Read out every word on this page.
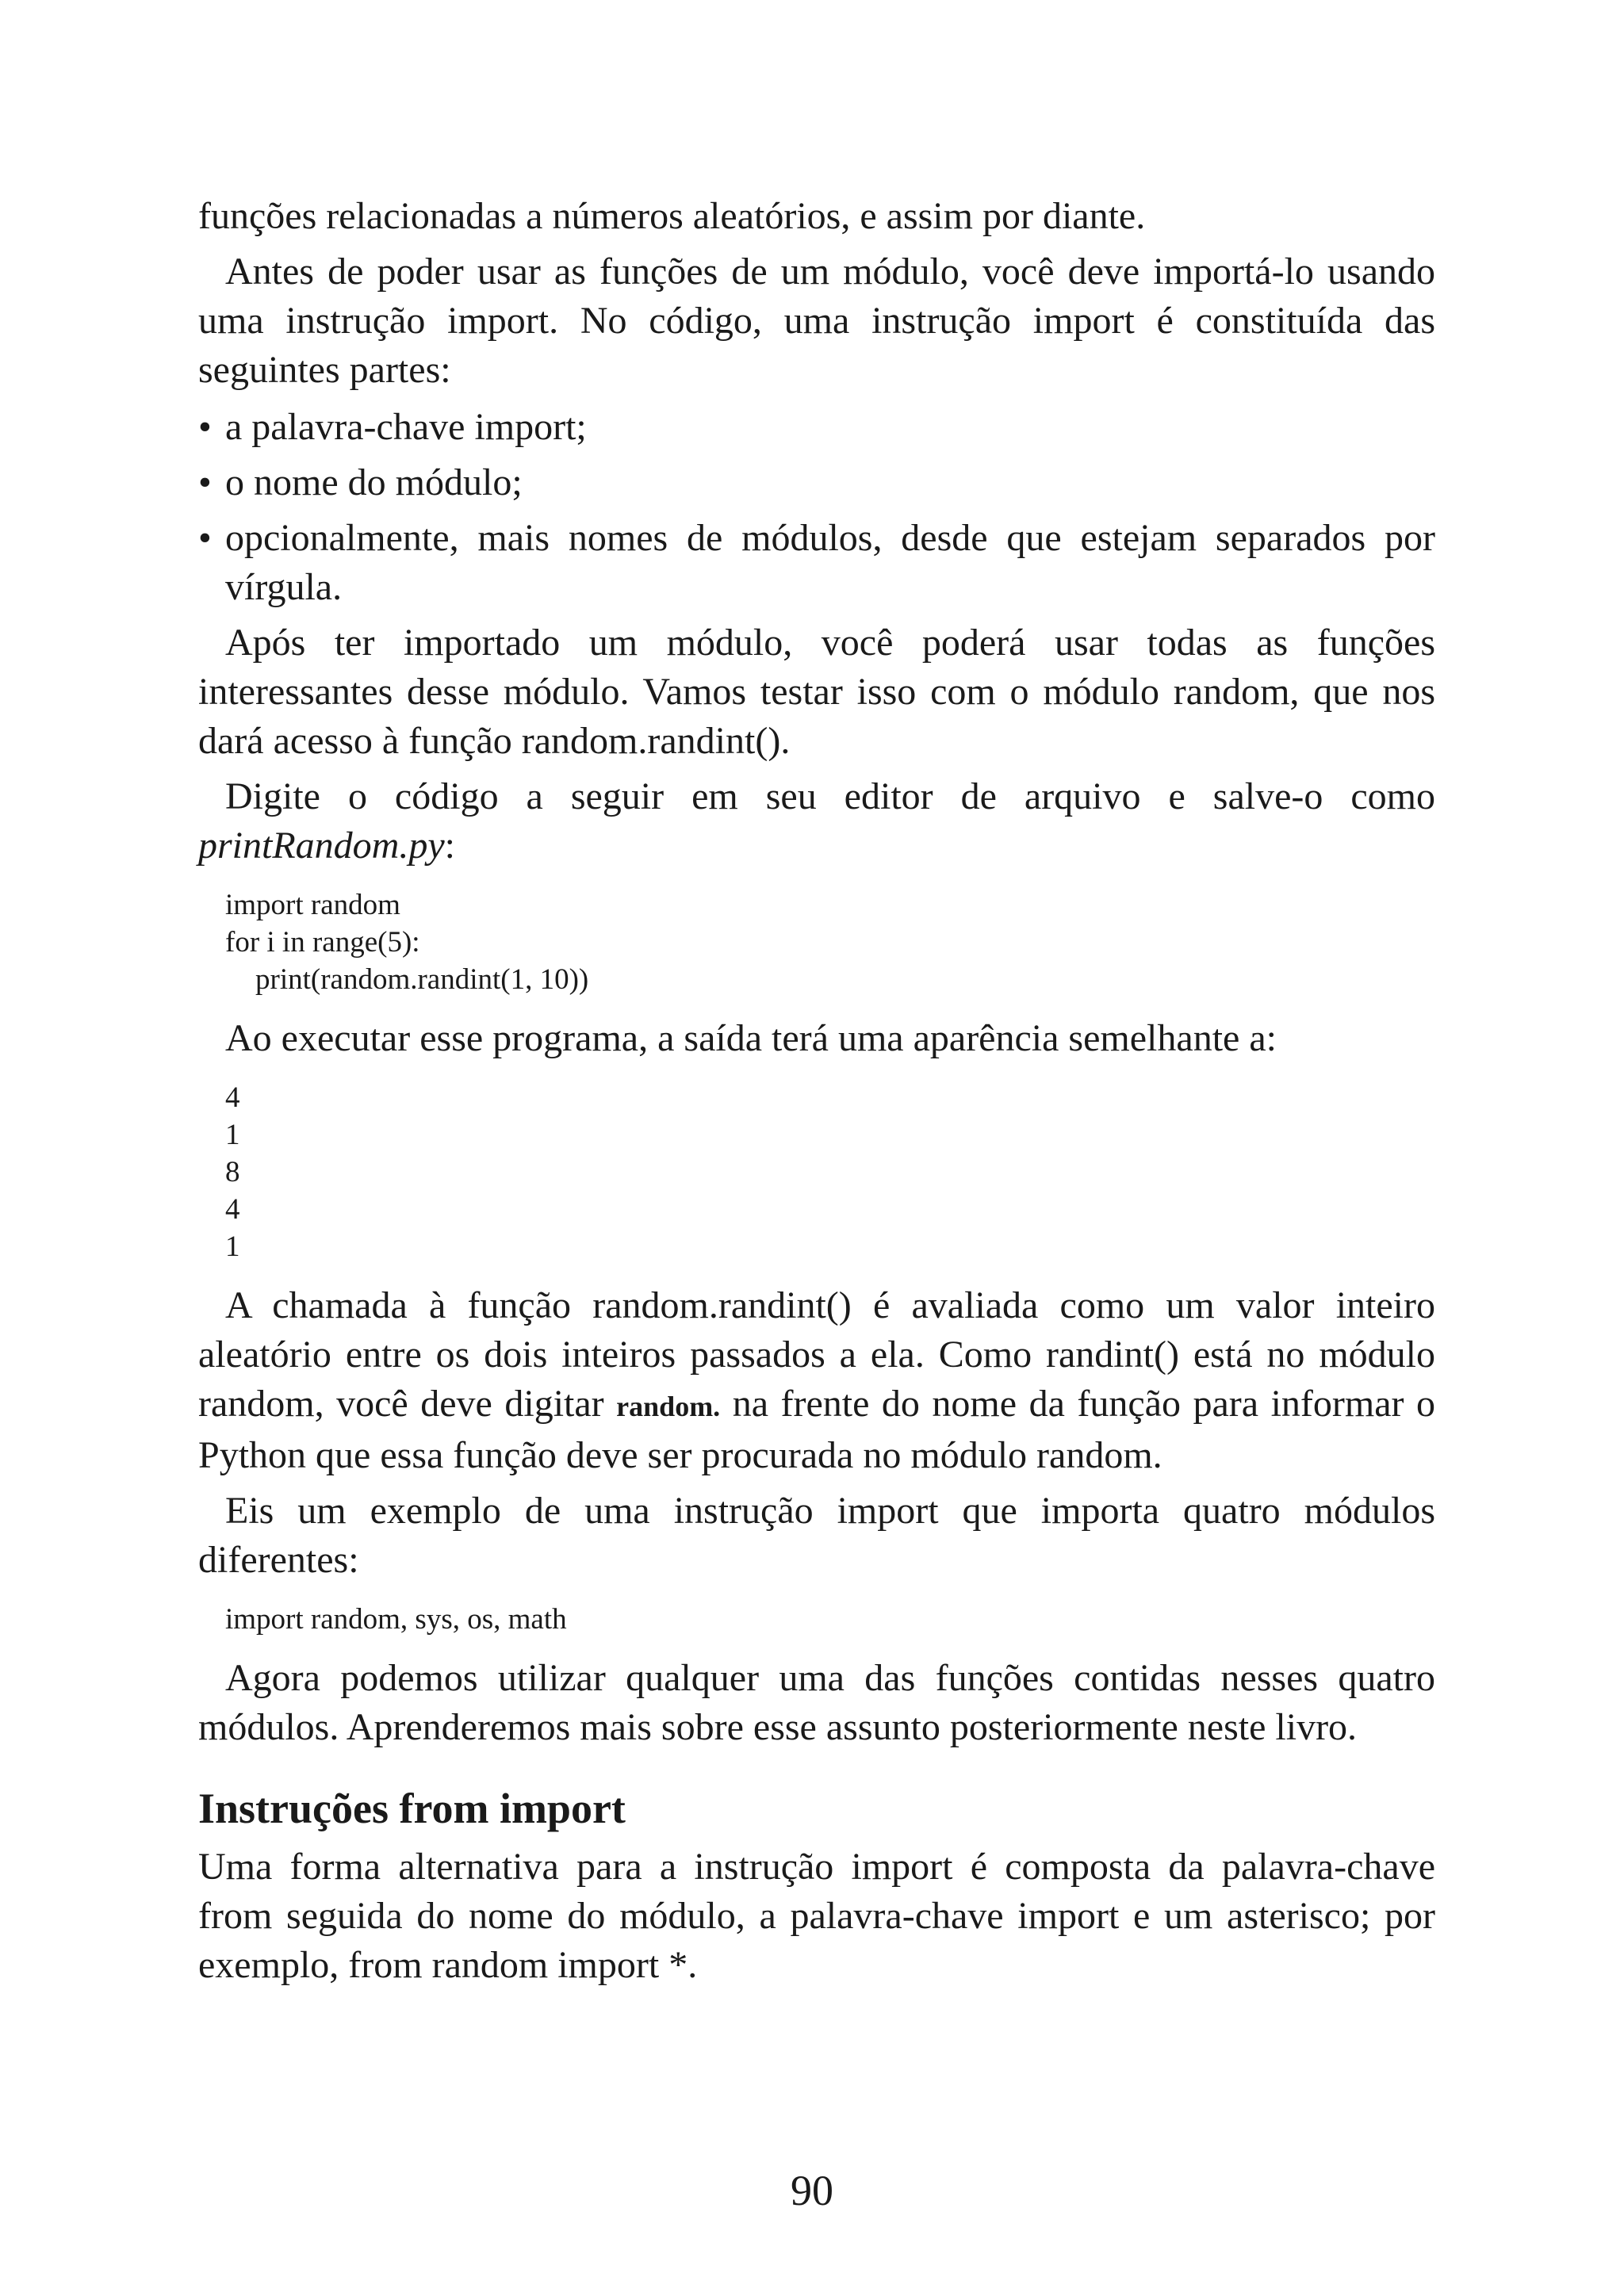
funções relacionadas a números aleatórios, e assim por diante.

Antes de poder usar as funções de um módulo, você deve importá-lo usando uma instrução import. No código, uma instrução import é constituída das seguintes partes:

• a palavra-chave import;
• o nome do módulo;
• opcionalmente, mais nomes de módulos, desde que estejam separados por vírgula.

Após ter importado um módulo, você poderá usar todas as funções interessantes desse módulo. Vamos testar isso com o módulo random, que nos dará acesso à função random.randint().

Digite o código a seguir em seu editor de arquivo e salve-o como printRandom.py:

import random
for i in range(5):
print(random.randint(1, 10))

Ao executar esse programa, a saída terá uma aparência semelhante a:

4
1
8
4
1

A chamada à função random.randint() é avaliada como um valor inteiro aleatório entre os dois inteiros passados a ela. Como randint() está no módulo random, você deve digitar random. na frente do nome da função para informar o Python que essa função deve ser procurada no módulo random.

Eis um exemplo de uma instrução import que importa quatro módulos diferentes:

import random, sys, os, math

Agora podemos utilizar qualquer uma das funções contidas nesses quatro módulos. Aprenderemos mais sobre esse assunto posteriormente neste livro.

Instruções from import

Uma forma alternativa para a instrução import é composta da palavra-chave from seguida do nome do módulo, a palavra-chave import e um asterisco; por exemplo, from random import *.

90
